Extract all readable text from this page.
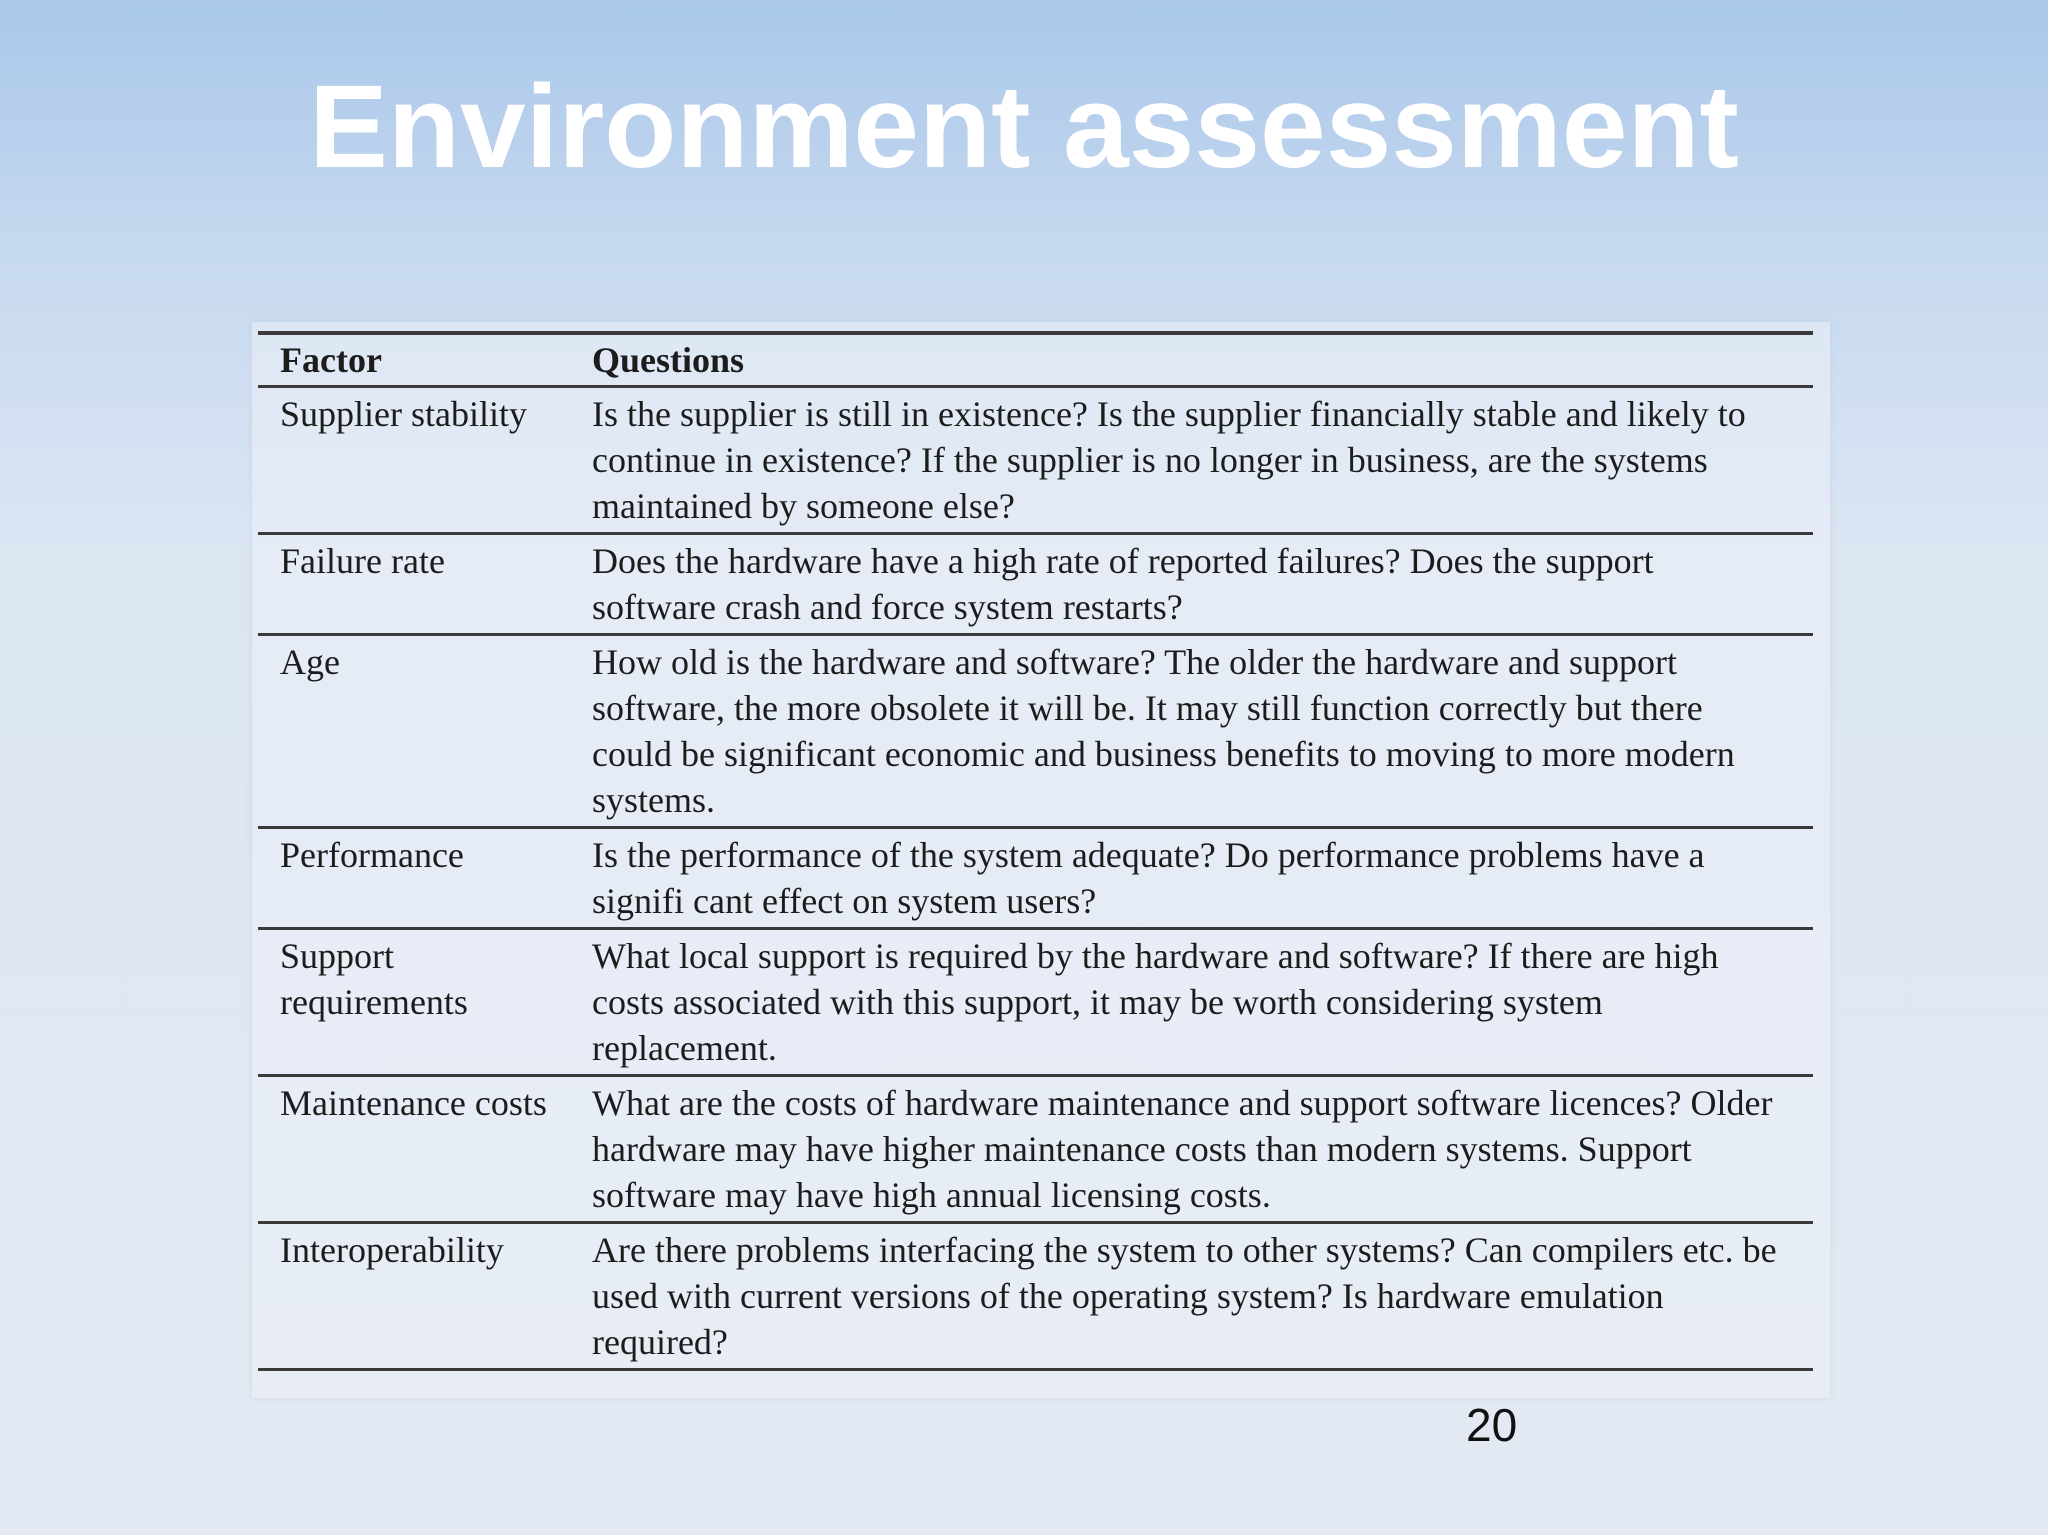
Environment assessment
Factor	Questions
Supplier stability	Is the supplier is still in existence? Is the supplier financially stable and likely to continue in existence? If the supplier is no longer in business, are the systems maintained by someone else?
Failure rate	Does the hardware have a high rate of reported failures? Does the support software crash and force system restarts?
Age	How old is the hardware and software? The older the hardware and support software, the more obsolete it will be. It may still function correctly but there could be significant economic and business benefits to moving to more modern systems.
Performance	Is the performance of the system adequate? Do performance problems have a signifi cant effect on system users?
Support requirements	What local support is required by the hardware and software? If there are high costs associated with this support, it may be worth considering system replacement.
Maintenance costs	What are the costs of hardware maintenance and support software licences? Older hardware may have higher maintenance costs than modern systems. Support software may have high annual licensing costs.
Interoperability	Are there problems interfacing the system to other systems? Can compilers etc. be used with current versions of the operating system? Is hardware emulation required?
20
